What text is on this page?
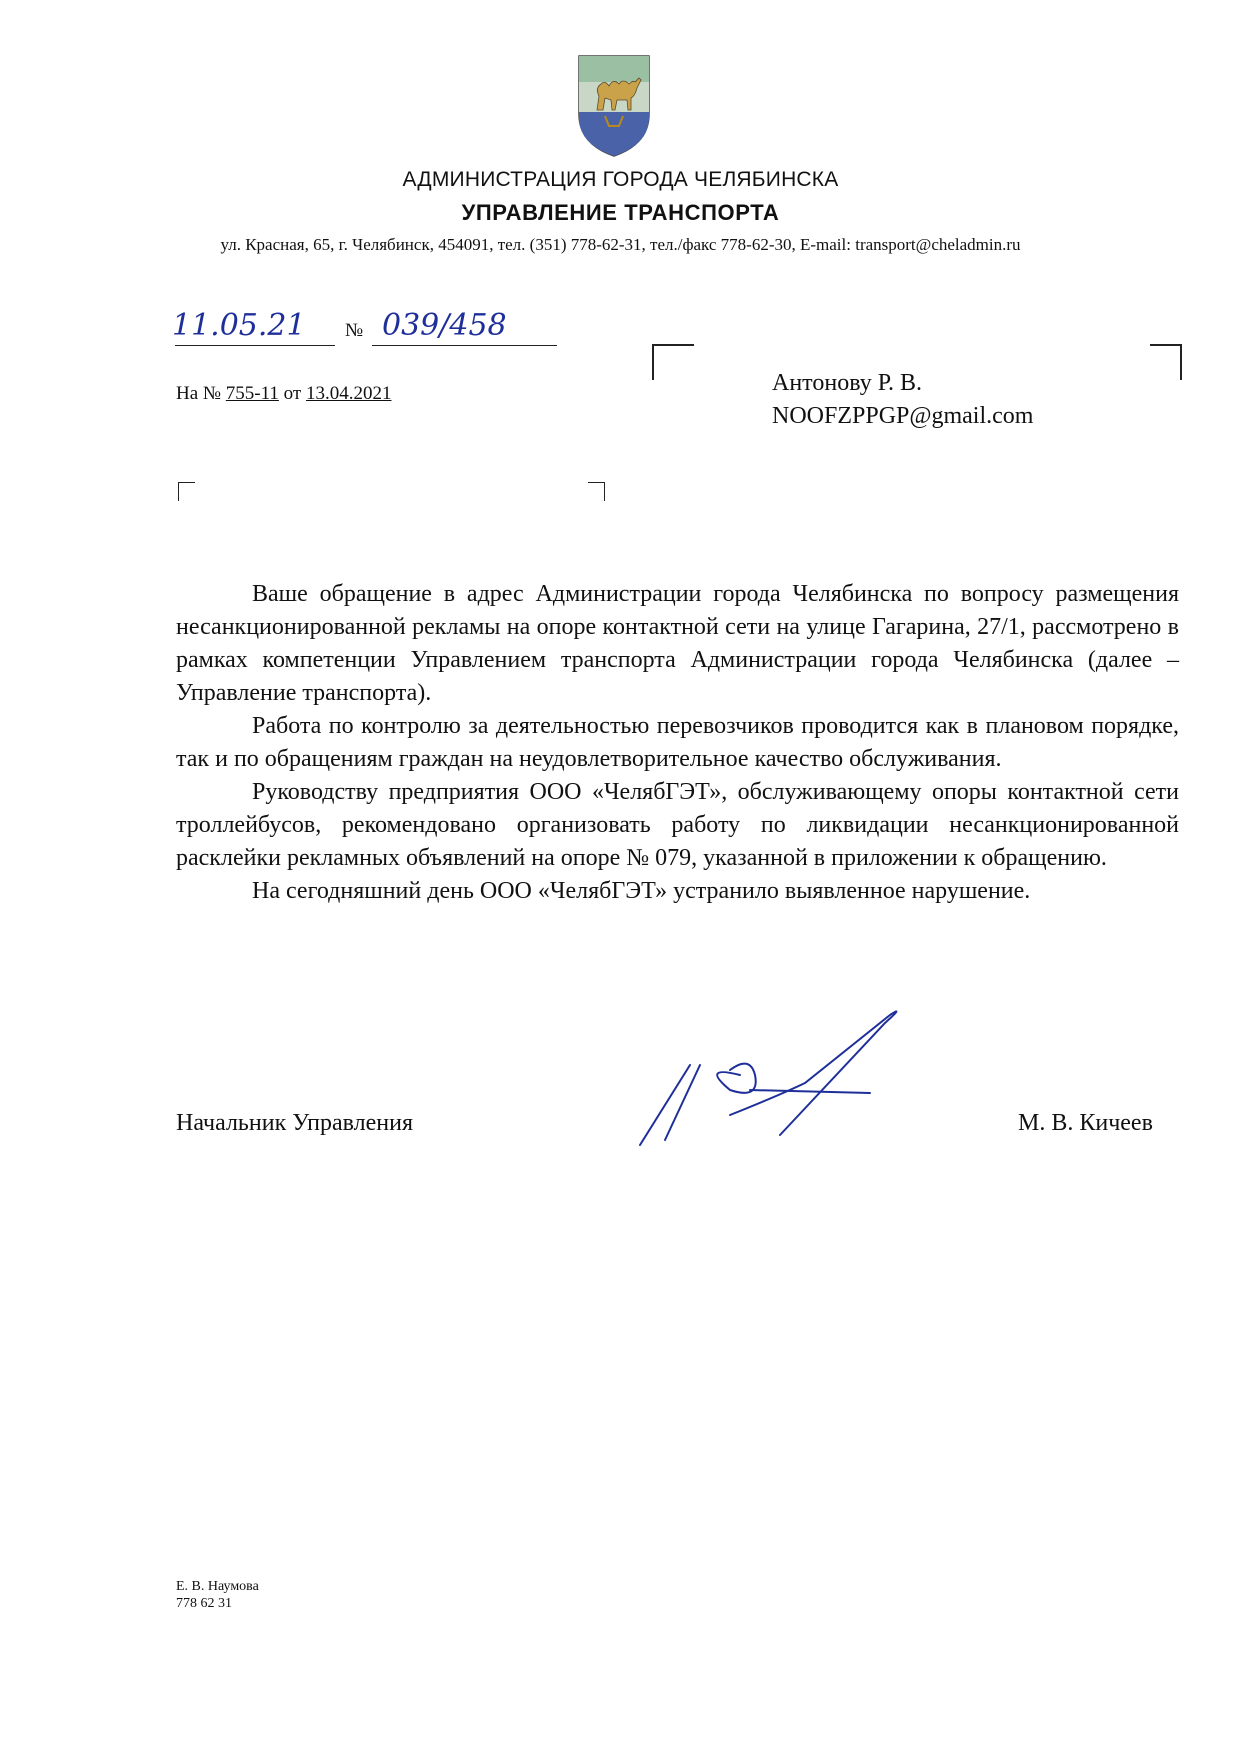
АДМИНИСТРАЦИЯ ГОРОДА ЧЕЛЯБИНСКА
УПРАВЛЕНИЕ ТРАНСПОРТА
ул. Красная, 65, г. Челябинск, 454091, тел. (351) 778-62-31, тел./факс 778-62-30, E-mail: transport@cheladmin.ru
11.05.21 № 039/458
На № 755-11 от 13.04.2021	Антонову Р. В.
NOOFZPPGP@gmail.com

Ваше обращение в адрес Администрации города Челябинска по вопросу размещения несанкционированной рекламы на опоре контактной сети на улице Гагарина, 27/1, рассмотрено в рамках компетенции Управлением транспорта Администрации города Челябинска (далее – Управление транспорта).

Работа по контролю за деятельностью перевозчиков проводится как в плановом порядке, так и по обращениям граждан на неудовлетворительное качество обслуживания.

Руководству предприятия ООО «ЧелябГЭТ», обслуживающему опоры контактной сети троллейбусов, рекомендовано организовать работу по ликвидации несанкционированной расклейки рекламных объявлений на опоре № 079, указанной в приложении к обращению.

На сегодняшний день ООО «ЧелябГЭТ» устранило выявленное нарушение.

Начальник Управления	М. В. Кичеев
Е. В. Наумова
778 62 31
